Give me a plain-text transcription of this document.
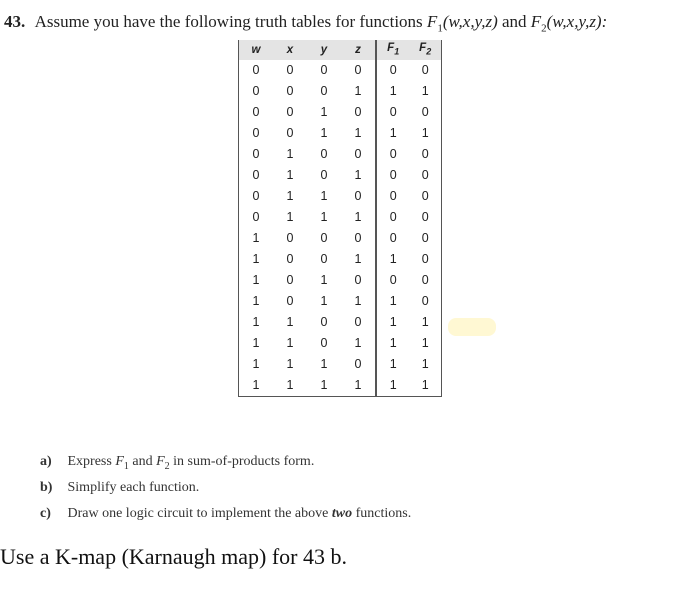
43. Assume you have the following truth tables for functions $F_1(w,x,y,z)$ and $F_2(w,x,y,z)$:
w	x	y	z	$F_1$	$F_2$
0	0	0	0	0	0
0	0	0	1	1	1
0	0	1	0	0	0
0	0	1	1	1	1
0	1	0	0	0	0
0	1	0	1	0	0
0	1	1	0	0	0
0	1	1	1	0	0
1	0	0	0	0	0
1	0	0	1	1	0
1	0	1	0	0	0
1	0	1	1	1	0
1	1	0	0	1	1
1	1	0	1	1	1
1	1	1	0	1	1
1	1	1	1	1	1
a) Express $F_1$ and $F_2$ in sum-of-products form.
b) Simplify each function.
c) Draw one logic circuit to implement the above two functions.
Use a K-map (Karnaugh map) for 43 b.
